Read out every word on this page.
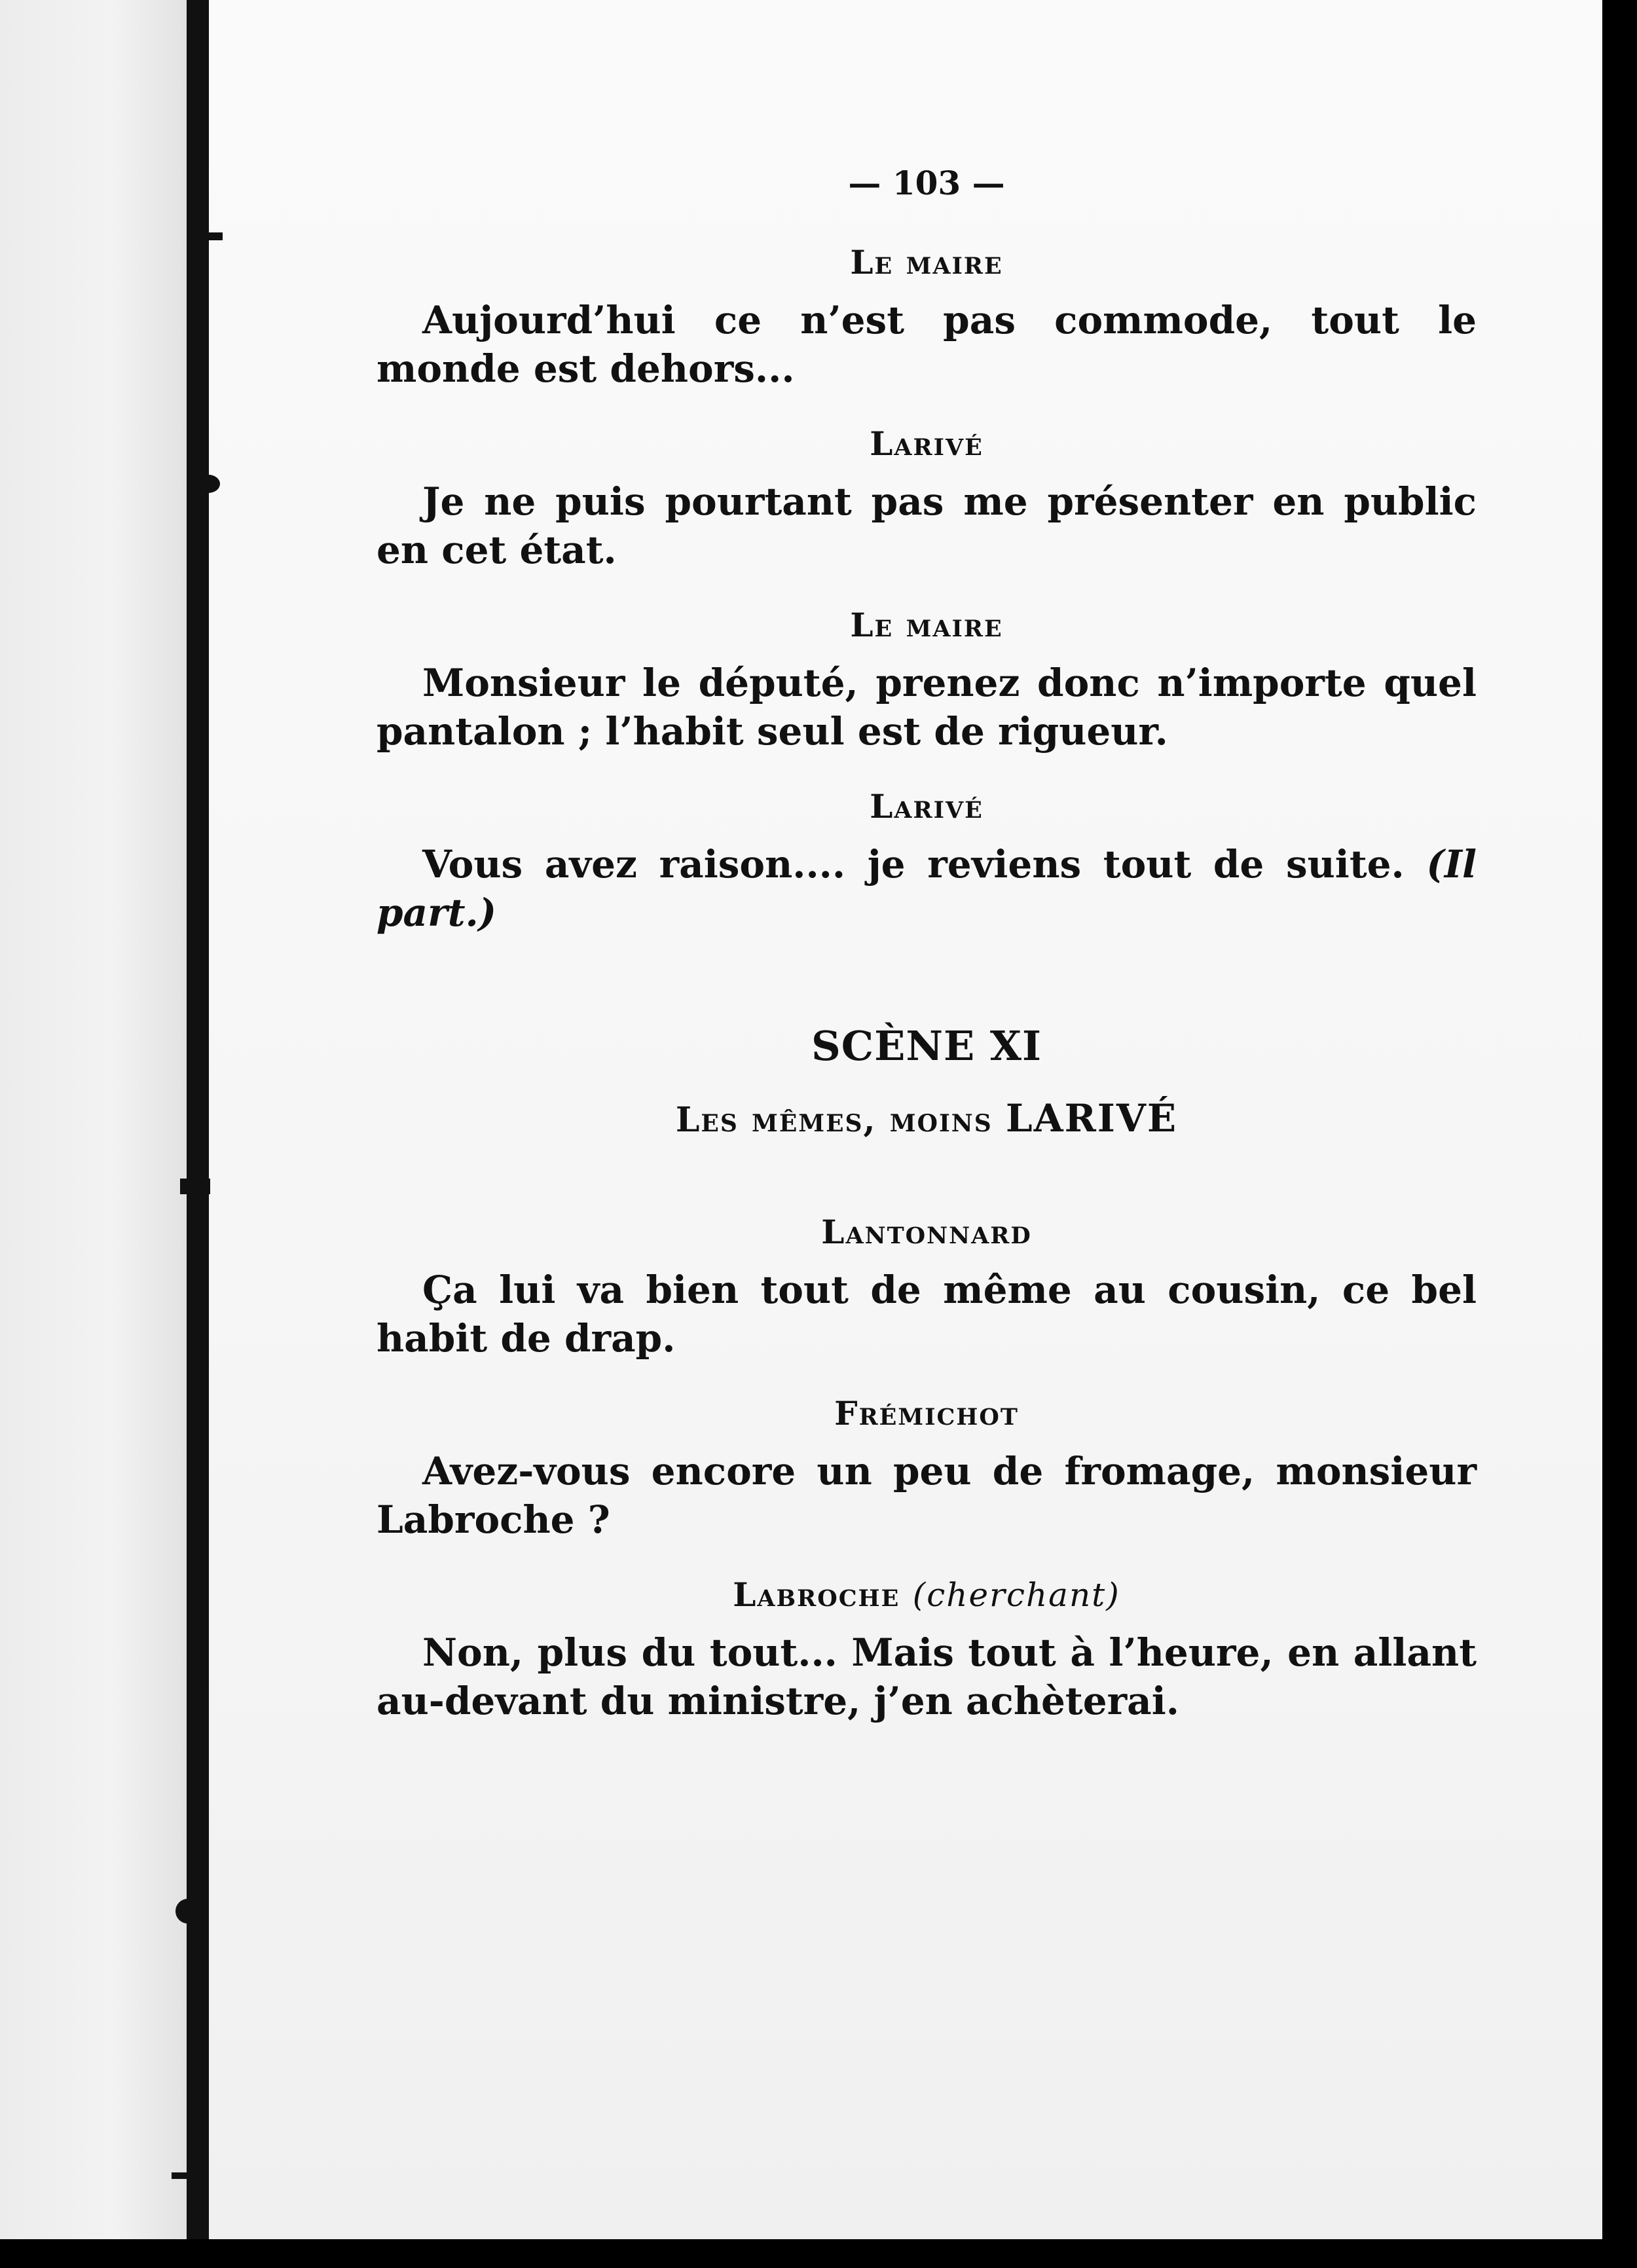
— 103 —
Le maire
Aujourd’hui ce n’est pas commode, tout le monde est dehors...
Larivé
Je ne puis pourtant pas me présenter en public en cet état.
Le maire
Monsieur le député, prenez donc n’importe quel pantalon ; l’habit seul est de rigueur.
Larivé
Vous avez raison.... je reviens tout de suite. (Il part.)
SCÈNE XI
Les mêmes, moins LARIVÉ
Lantonnard
Ça lui va bien tout de même au cousin, ce bel habit de drap.
Frémichot
Avez-vous encore un peu de fromage, monsieur Labroche ?
Labroche (cherchant)
Non, plus du tout... Mais tout à l’heure, en allant au-devant du ministre, j’en achèterai.
